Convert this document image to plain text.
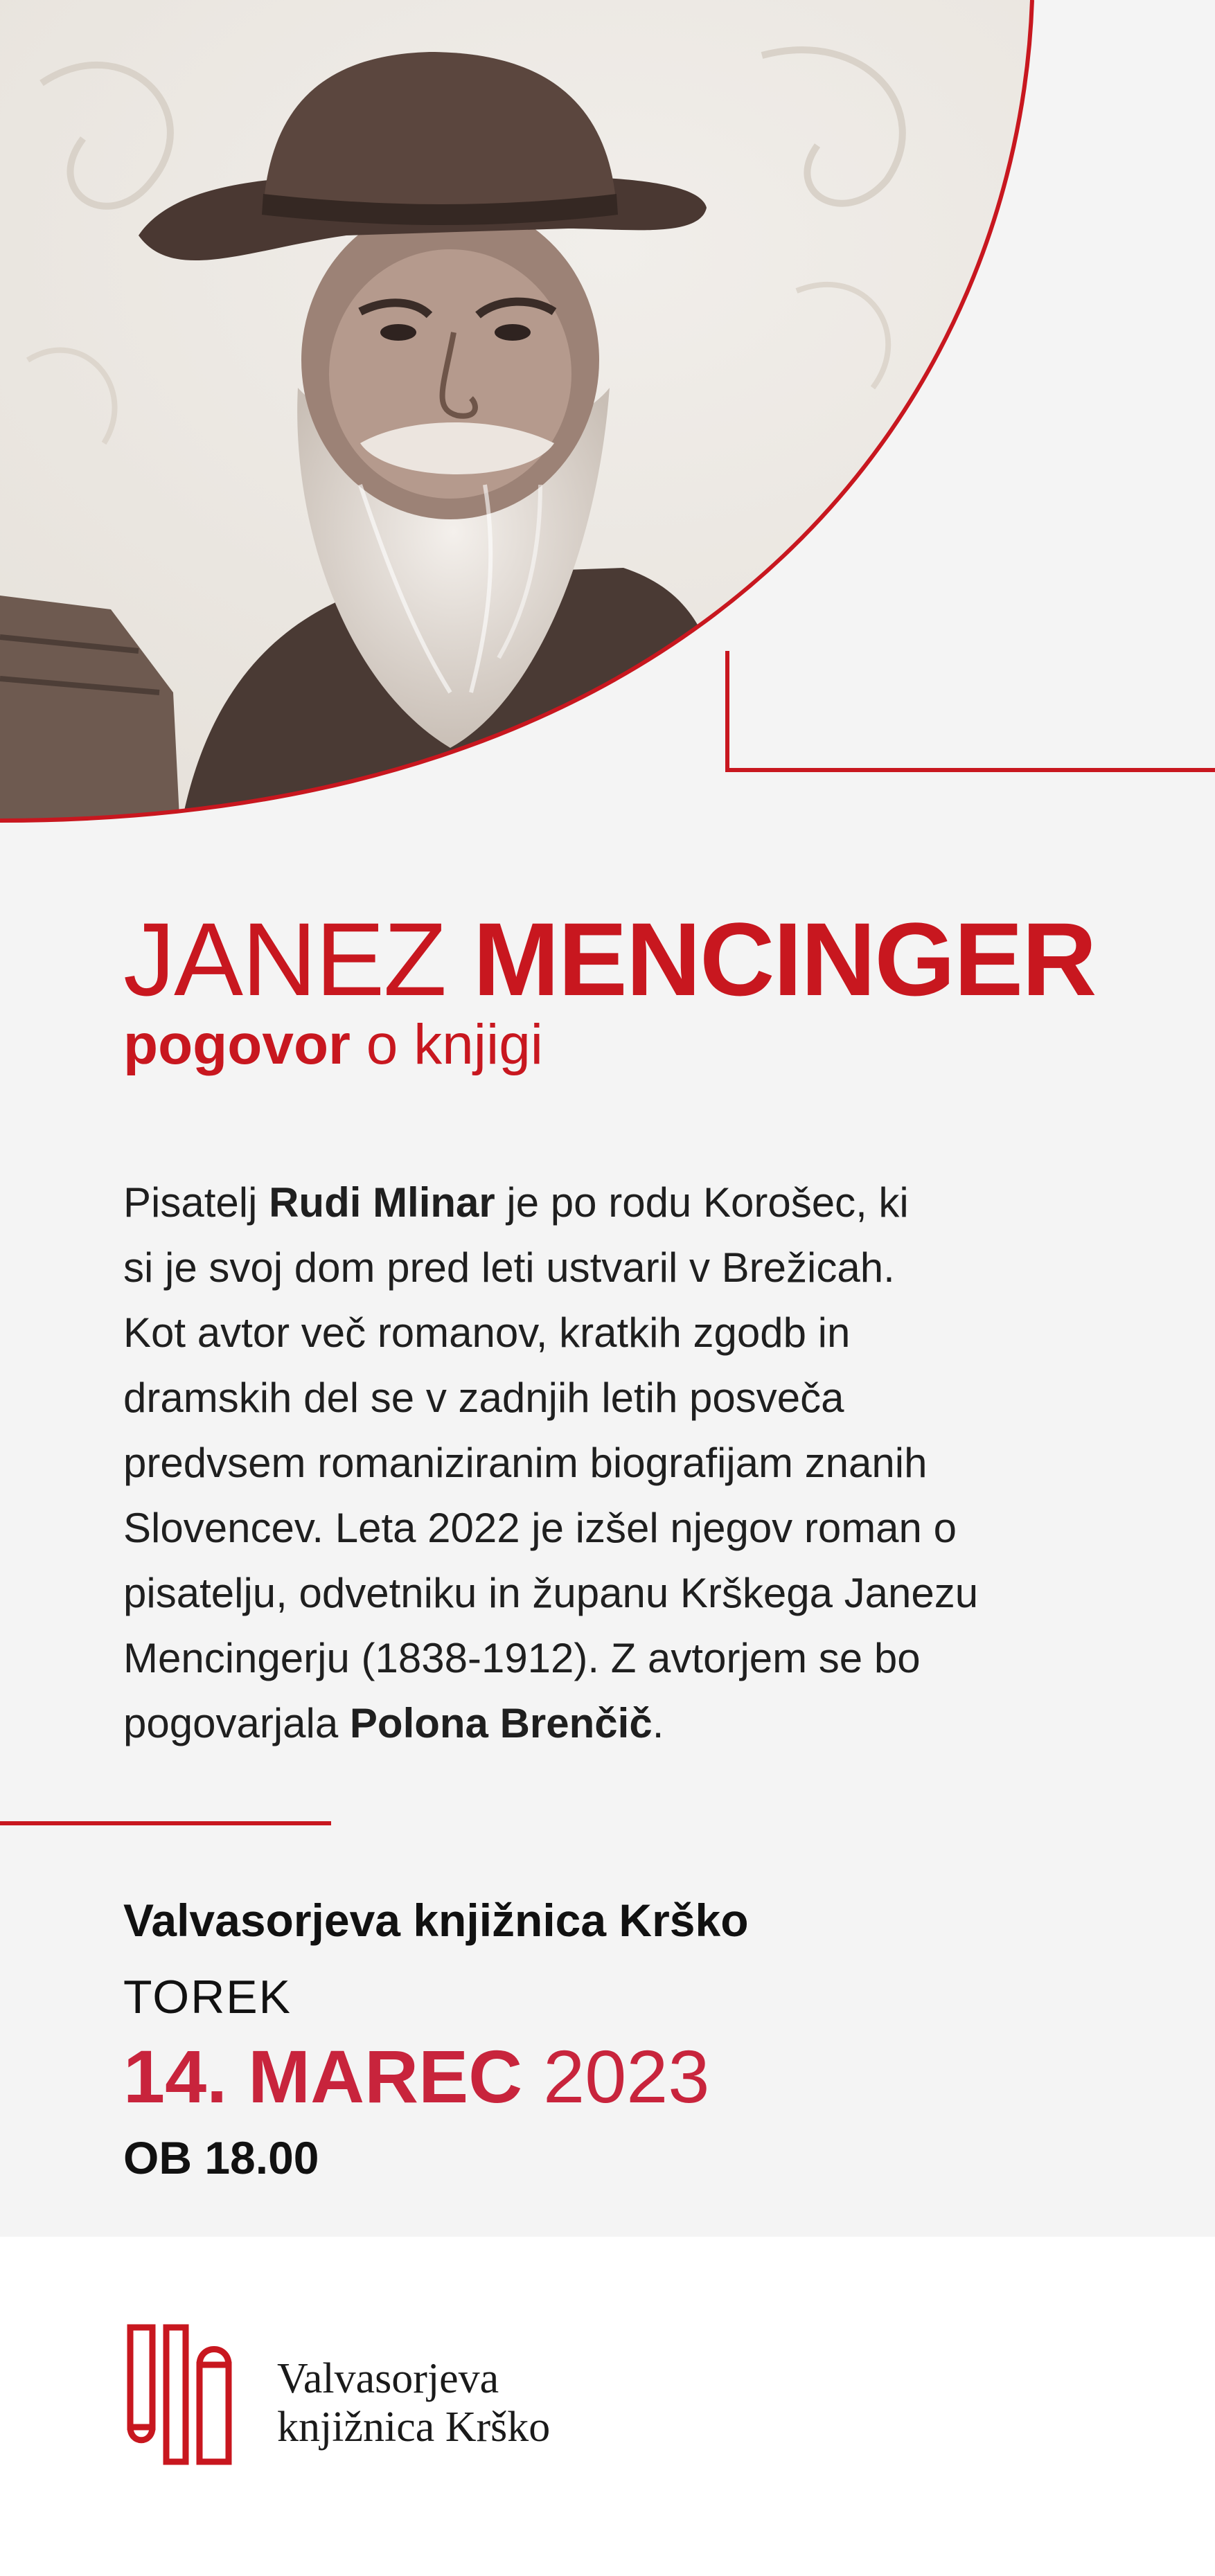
JANEZ MENCINGER
pogovor o knjigi
Pisatelj Rudi Mlinar je po rodu Korošec, ki
si je svoj dom pred leti ustvaril v Brežicah.
Kot avtor več romanov, kratkih zgodb in
dramskih del se v zadnjih letih posveča
predvsem romaniziranim biografijam znanih
Slovencev. Leta 2022 je izšel njegov roman o
pisatelju, odvetniku in županu Krškega Janezu
Mencingerju (1838-1912). Z avtorjem se bo
pogovarjala Polona Brenčič.
Valvasorjeva knjižnica Krško
TOREK
14. MAREC 2023
OB 18.00
Valvasorjeva
knjižnica Krško
